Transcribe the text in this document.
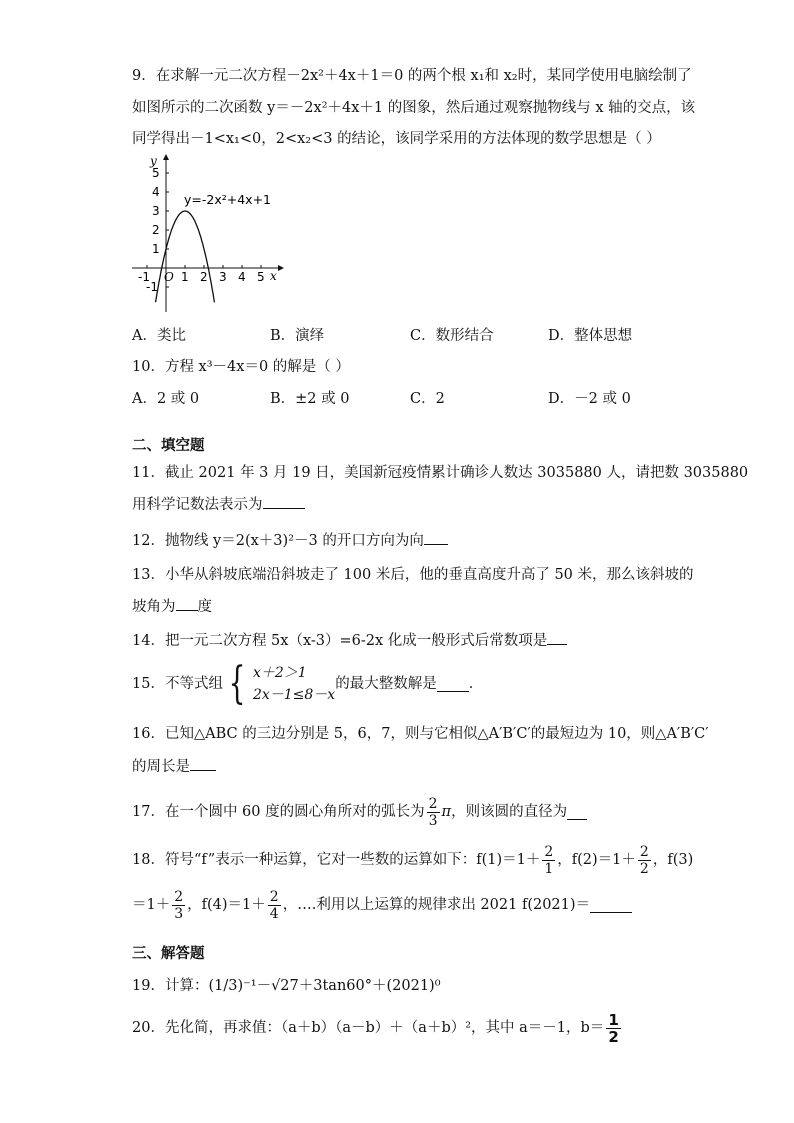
9．在求解一元二次方程－2x²＋4x＋1＝0 的两个根 x₁和 x₂时，某同学使用电脑绘制了
如图所示的二次函数 y＝－2x²＋4x＋1 的图象，然后通过观察抛物线与 x 轴的交点，该
同学得出－1<x₁<0，2<x₂<3 的结论，该同学采用的方法体现的数学思想是（ ）
y
x
O
-1	1 2 3 4 5
5
4
3
2
1
-1
y=-2x²+4x+1
A．类比	B．演绎	C．数形结合	D．整体思想
10．方程 x³－4x＝0 的解是（ ）
A．2 或 0	B．±2 或 0	C．2	D．－2 或 0
二、填空题
11．截止 2021 年 3 月 19 日，美国新冠疫情累计确诊人数达 3035880 人，请把数 3035880
用科学记数法表示为
12．抛物线 y＝2(x＋3)²－3 的开口方向为向
13．小华从斜坡底端沿斜坡走了 100 米后，他的垂直高度升高了 50 米，那么该斜坡的
坡角为 度
14．把一元二次方程 5x（x-3）=6-2x 化成一般形式后常数项是
15．不等式组 { x＋2＞1
2x－1≤8－x
的最大整数解是 ．
16．已知△ABC 的三边分别是 5，6，7，则与它相似△A′B′C′的最短边为 10，则△A′B′C′
的周长是
17．在一个圆中 60 度的圆心角所对的弧长为 $\frac{2}{3}$ π，则该圆的直径为
18．符号“f”表示一种运算，它对一些数的运算如下：$f(1)=1+ \frac{2}{1}$ ，$f(2)=1+ \frac{2}{2}$ ，f(3)
$=1+ \frac{2}{3}$ ，$f(4)=1+ \frac{2}{4}$ ，….利用以上运算的规律求出 2021 f(2021)＝
三、解答题
19．计算：(1/3)⁻¹－√27＋3tan60°＋(2021)⁰
20．先化简，再求值：（a＋b）（a－b）＋（a＋b）²，其中 a＝－1，$b= \frac{1}{2}$
